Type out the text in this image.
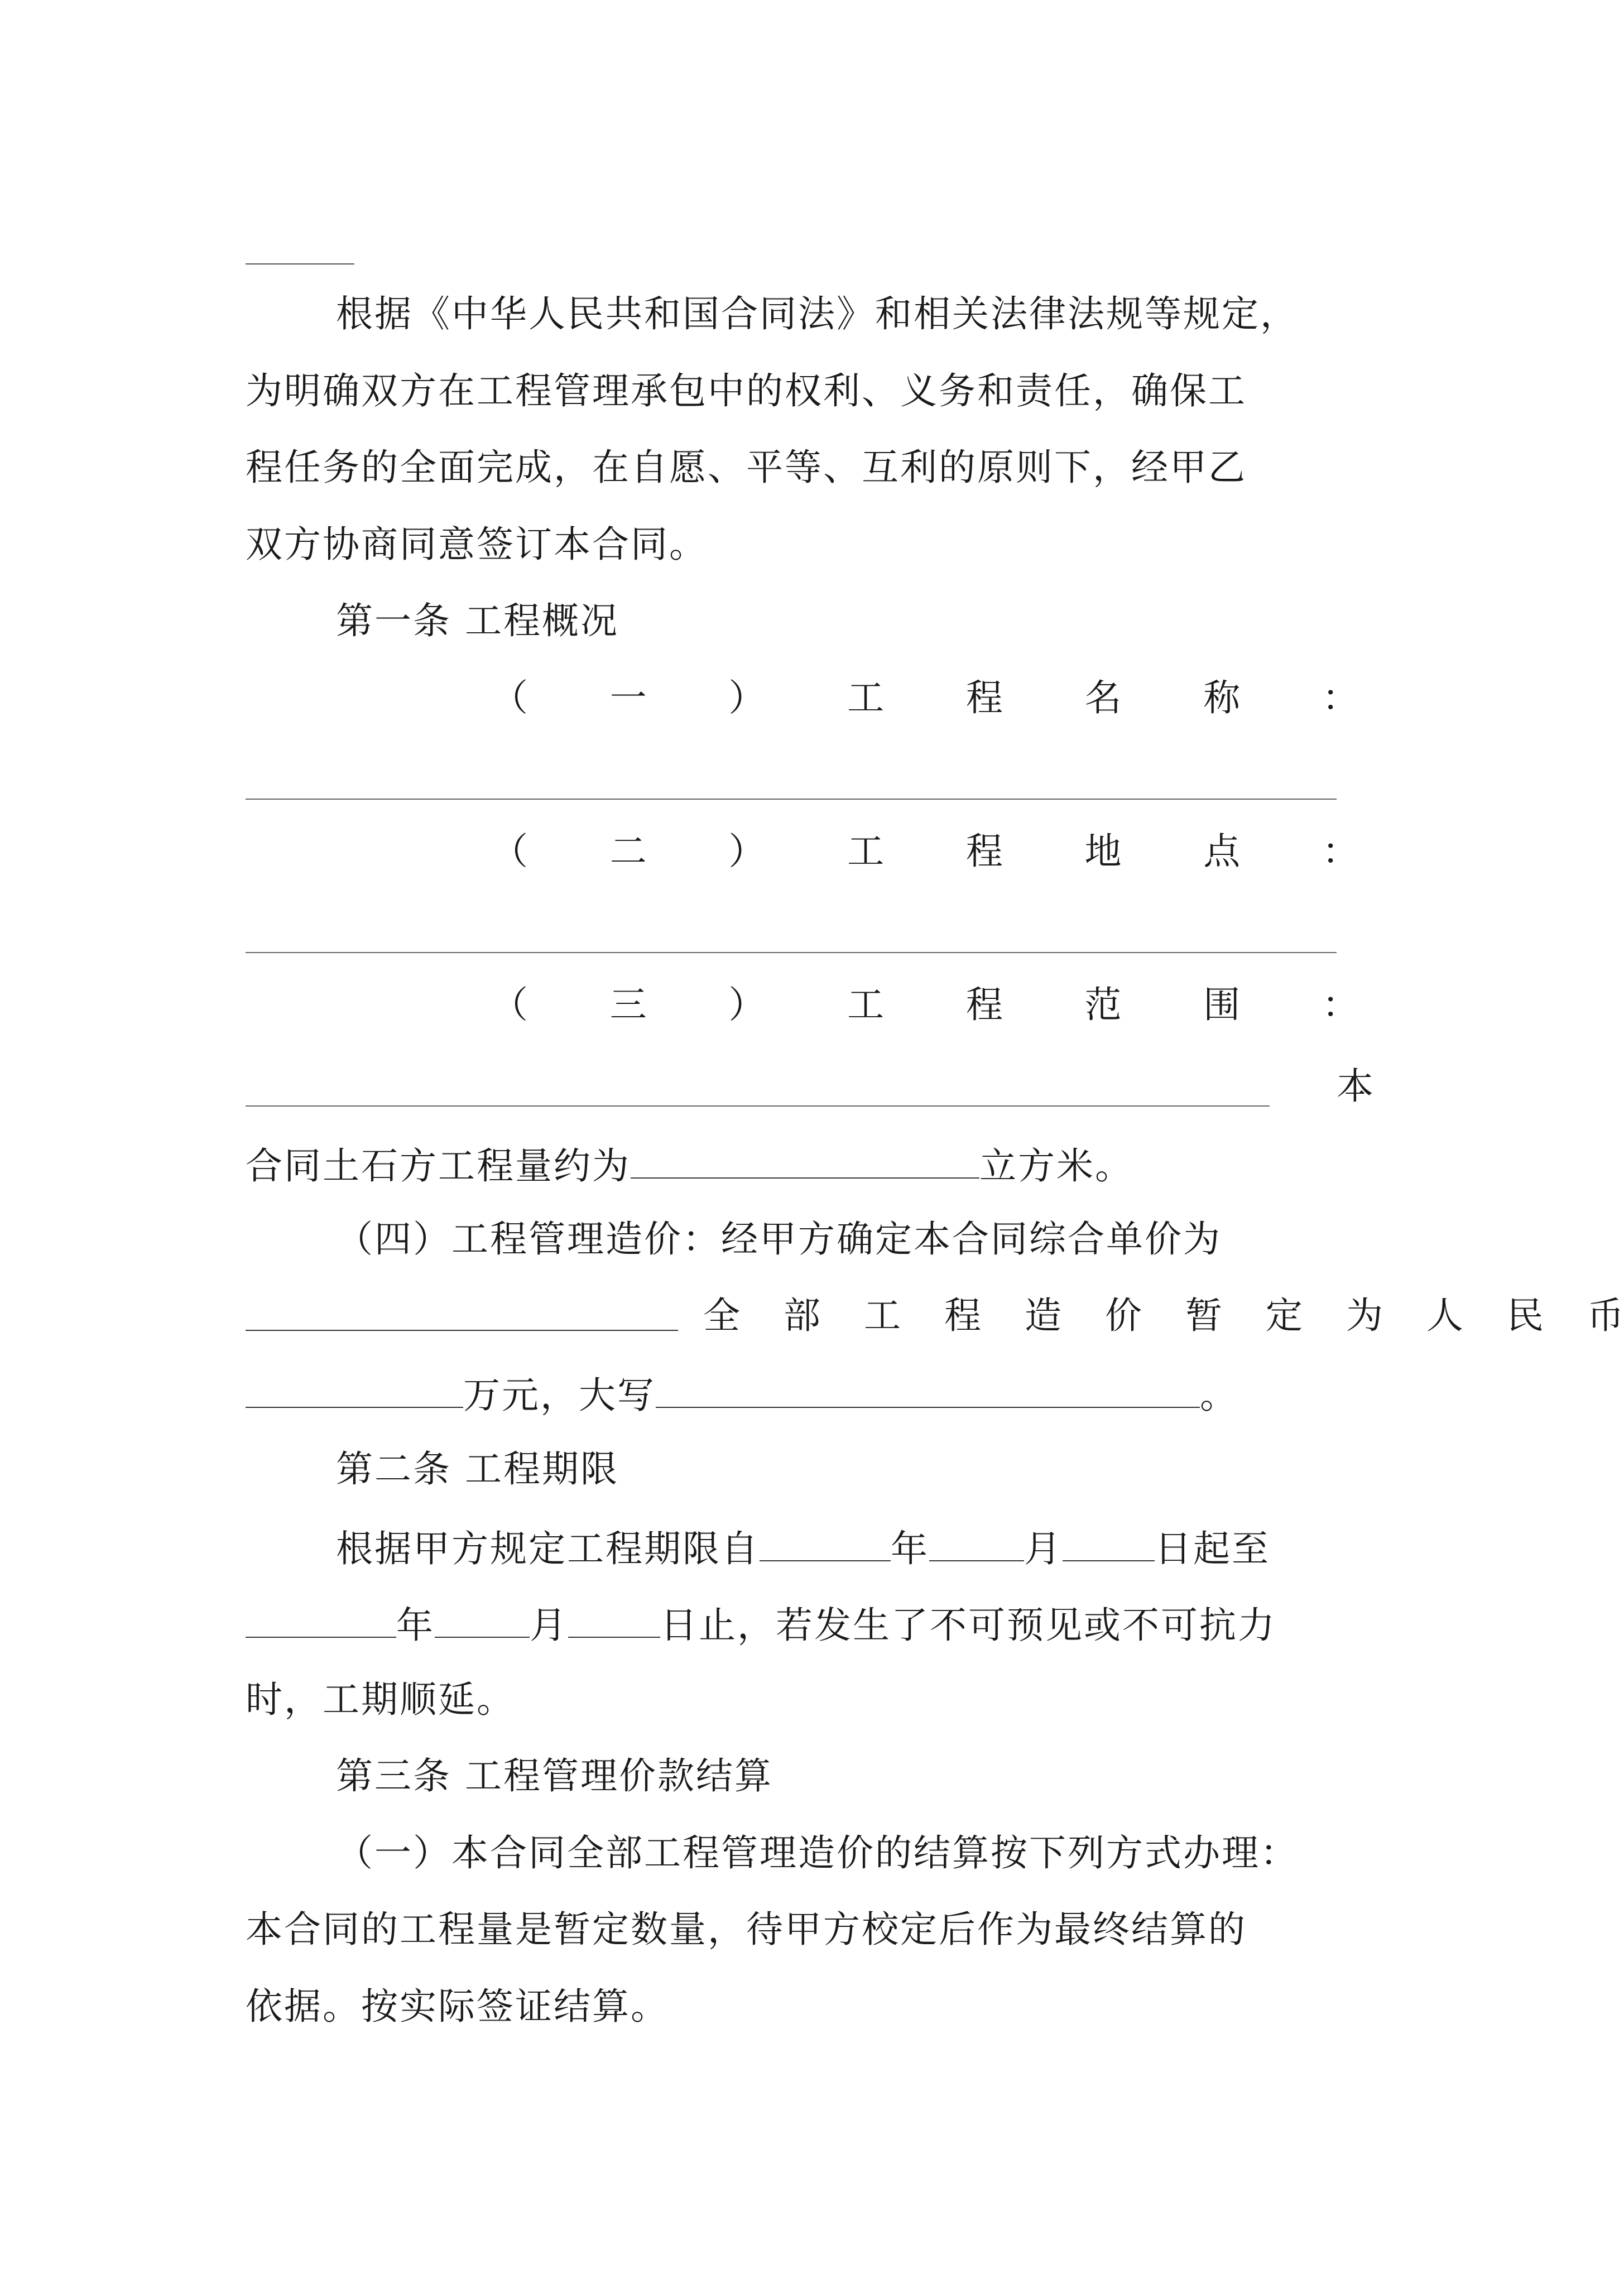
根据《中华人民共和国合同法》和相关法律法规等规定，
为明确双方在工程管理承包中的权利、义务和责任，确保工
程任务的全面完成，在自愿、平等、互利的原则下，经甲乙
双方协商同意签订本合同。
第一条 工程概况
（ 一 ） 工 程 名 称 ：
（ 二 ） 工 程 地 点 ：
（ 三 ） 工 程 范 围 ：
本
合同土石方工程量约为	立方米。
（四）工程管理造价：经甲方确定本合同综合单价为
全 部 工 程 造 价 暂 定 为 人 民 币
万元，大写	。
第二条 工程期限
根据甲方规定工程期限自	年	月	日起至
年	月	日止，若发生了不可预见或不可抗力
时，工期顺延。
第三条 工程管理价款结算
（一）本合同全部工程管理造价的结算按下列方式办理：
本合同的工程量是暂定数量，待甲方校定后作为最终结算的
依据。按实际签证结算。
